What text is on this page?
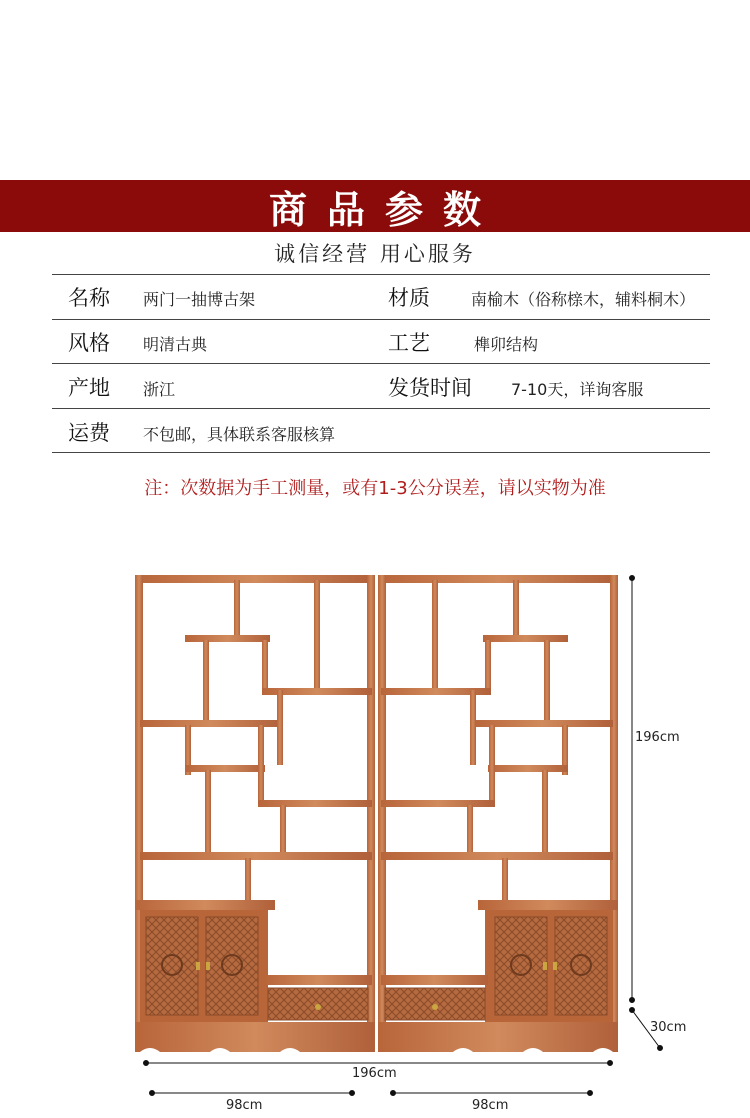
商品参数
诚信经营 用心服务
名称 两门一抽博古架	材质	南榆木（俗称榇木，辅料桐木）
风格 明清古典	工艺	榫卯结构
产地 浙江	发货时间 7-10天，详询客服
运费 不包邮，具体联系客服核算
注：次数据为手工测量，或有1-3公分误差，请以实物为准
196cm
30cm
196cm
98cm	98cm
